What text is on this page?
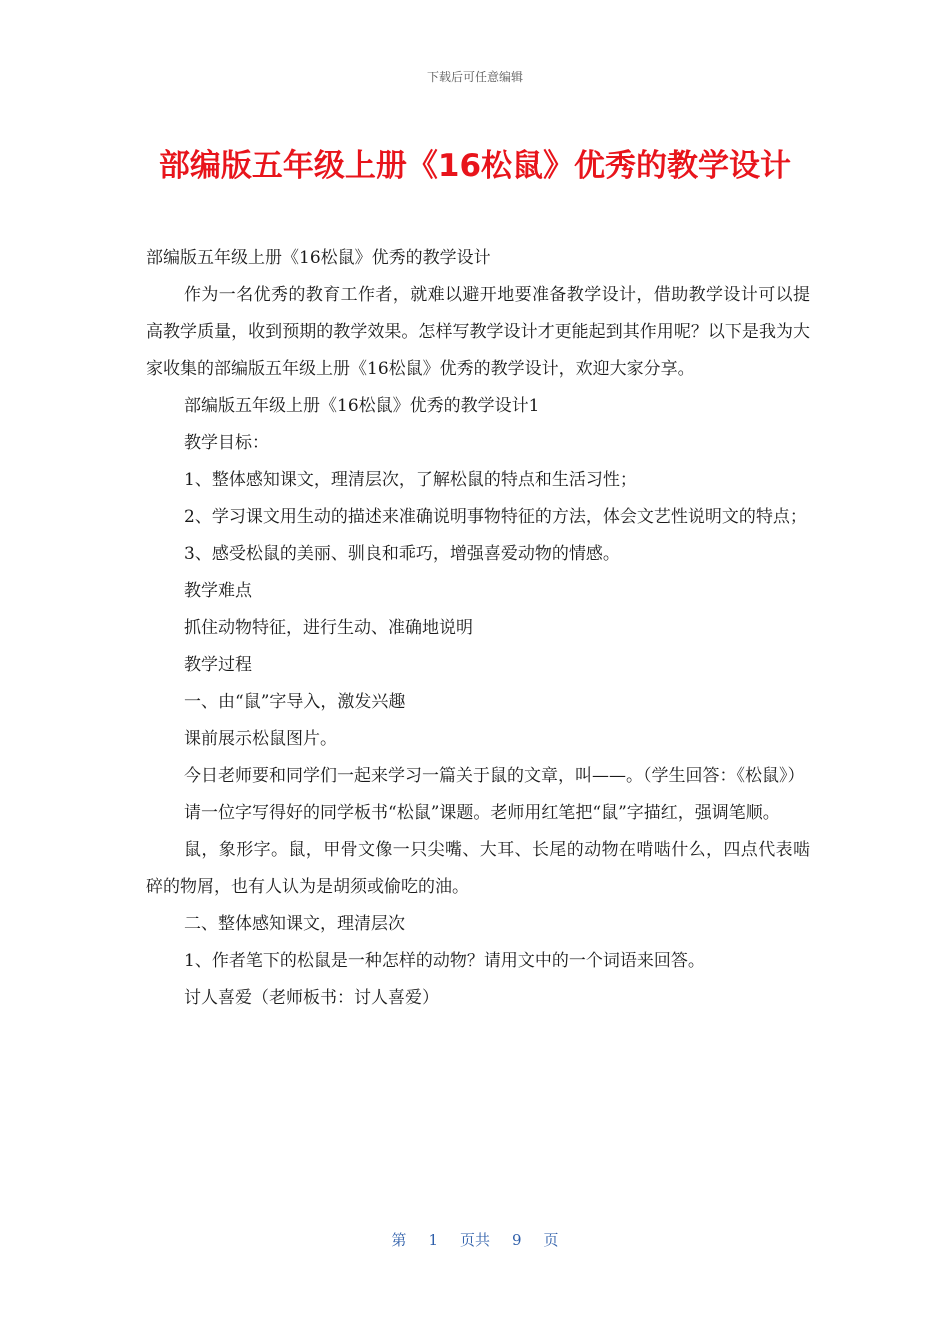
下载后可任意编辑
部编版五年级上册《16松鼠》优秀的教学设计

部编版五年级上册《16松鼠》优秀的教学设计

作为一名优秀的教育工作者，就难以避开地要准备教学设计，借助教学设计可以提高教学质量，收到预期的教学效果。怎样写教学设计才更能起到其作用呢？以下是我为大家收集的部编版五年级上册《16松鼠》优秀的教学设计，欢迎大家分享。

部编版五年级上册《16松鼠》优秀的教学设计1

教学目标：

1、整体感知课文，理清层次，了解松鼠的特点和生活习性；

2、学习课文用生动的描述来准确说明事物特征的方法，体会文艺性说明文的特点；

3、感受松鼠的美丽、驯良和乖巧，增强喜爱动物的情感。

教学难点

抓住动物特征，进行生动、准确地说明

教学过程

一、由“鼠”字导入，激发兴趣

课前展示松鼠图片。

今日老师要和同学们一起来学习一篇关于鼠的文章，叫——。（学生回答：《松鼠》）

请一位字写得好的同学板书“松鼠”课题。老师用红笔把“鼠”字描红，强调笔顺。

鼠，象形字。鼠，甲骨文像一只尖嘴、大耳、长尾的动物在啃啮什么，四点代表啮碎的物屑，也有人认为是胡须或偷吃的油。

二、整体感知课文，理清层次

1、作者笔下的松鼠是一种怎样的动物？请用文中的一个词语来回答。

讨人喜爱（老师板书：讨人喜爱）

第 1 页共 9 页
